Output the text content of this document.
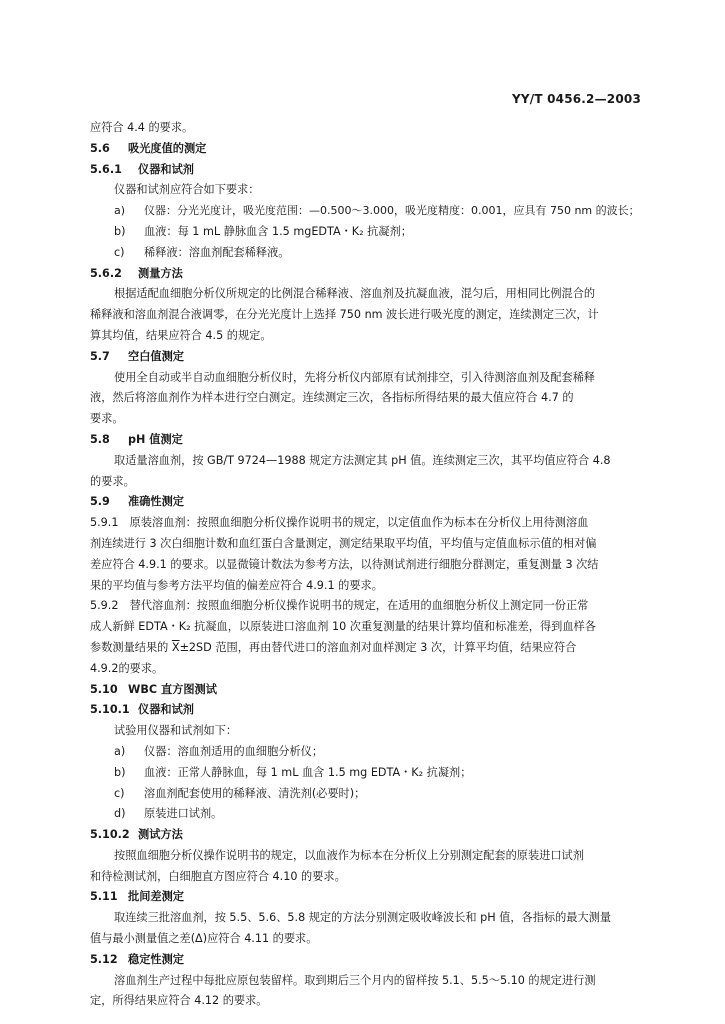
YY/T 0456.2—2003
应符合 4.4 的要求。
5.6 吸光度值的测定
5.6.1 仪器和试剂
仪器和试剂应符合如下要求：
a) 仪器：分光光度计，吸光度范围：—0.500～3.000，吸光度精度：0.001，应具有 750 nm 的波长；
b) 血液：每 1 mL 静脉血含 1.5 mgEDTA・K₂ 抗凝剂；
c) 稀释液：溶血剂配套稀释液。
5.6.2 测量方法
根据适配血细胞分析仪所规定的比例混合稀释液、溶血剂及抗凝血液，混匀后，用相同比例混合的
稀释液和溶血剂混合液调零，在分光光度计上选择 750 nm 波长进行吸光度的测定，连续测定三次，计
算其均值，结果应符合 4.5 的规定。
5.7 空白值测定
使用全自动或半自动血细胞分析仪时，先将分析仪内部原有试剂排空，引入待测溶血剂及配套稀释
液，然后将溶血剂作为样本进行空白测定。连续测定三次，各指标所得结果的最大值应符合 4.7 的
要求。
5.8 pH 值测定
取适量溶血剂，按 GB/T 9724—1988 规定方法测定其 pH 值。连续测定三次，其平均值应符合 4.8
的要求。
5.9 准确性测定
5.9.1　原装溶血剂：按照血细胞分析仪操作说明书的规定，以定值血作为标本在分析仪上用待测溶血
剂连续进行 3 次白细胞计数和血红蛋白含量测定，测定结果取平均值，平均值与定值血标示值的相对偏
差应符合 4.9.1 的要求。以显微镜计数法为参考方法，以待测试剂进行细胞分群测定，重复测量 3 次结
果的平均值与参考方法平均值的偏差应符合 4.9.1 的要求。
5.9.2　替代溶血剂：按照血细胞分析仪操作说明书的规定，在适用的血细胞分析仪上测定同一份正常
成人新鲜 EDTA・K₂ 抗凝血，以原装进口溶血剂 10 次重复测量的结果计算均值和标准差，得到血样各
参数测量结果的 $\overline{X}\pm 2SD$ 范围，再由替代进口的溶血剂对血样测定 3 次，计算平均值，结果应符合
4.9.2的要求。
5.10 WBC 直方图测试
5.10.1 仪器和试剂
试验用仪器和试剂如下：
a) 仪器：溶血剂适用的血细胞分析仪；
b) 血液：正常人静脉血，每 1 mL 血含 1.5 mg EDTA・K₂ 抗凝剂；
c) 溶血剂配套使用的稀释液、清洗剂(必要时)；
d) 原装进口试剂。
5.10.2 测试方法
按照血细胞分析仪操作说明书的规定，以血液作为标本在分析仪上分别测定配套的原装进口试剂
和待检测试剂，白细胞直方图应符合 4.10 的要求。
5.11 批间差测定
取连续三批溶血剂，按 5.5、5.6、5.8 规定的方法分别测定吸收峰波长和 pH 值，各指标的最大测量
值与最小测量值之差(Δ)应符合 4.11 的要求。
5.12 稳定性测定
溶血剂生产过程中每批应原包装留样。取到期后三个月内的留样按 5.1、5.5～5.10 的规定进行测
定，所得结果应符合 4.12 的要求。
